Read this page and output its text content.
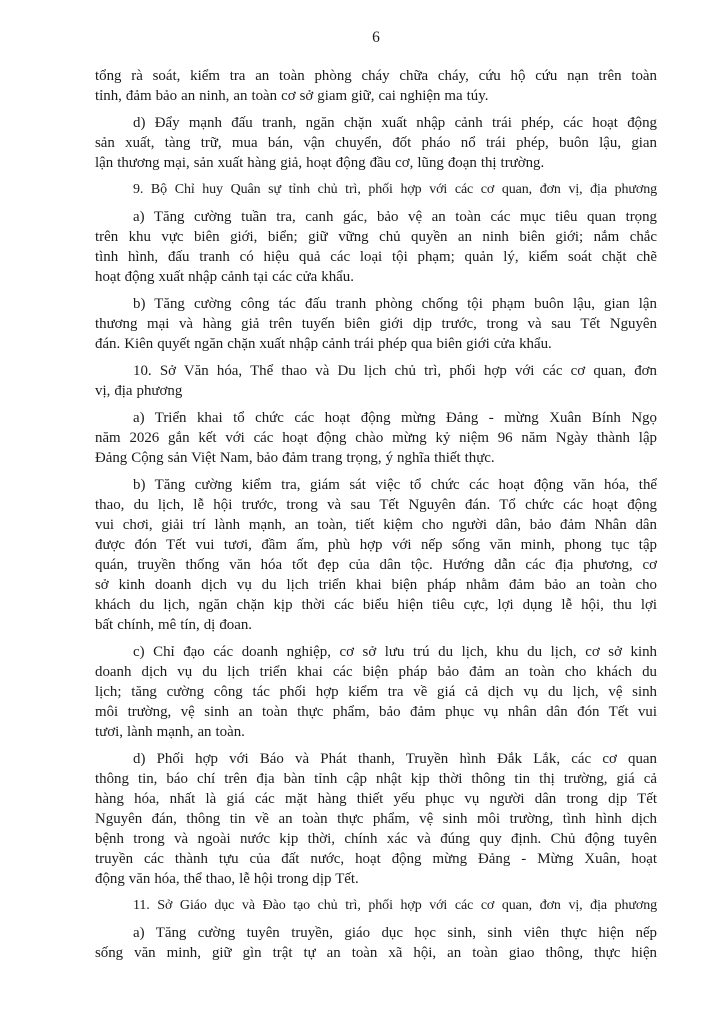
6
tổng rà soát, kiểm tra an toàn phòng cháy chữa cháy, cứu hộ cứu nạn trên toàn
tỉnh, đảm bảo an ninh, an toàn cơ sở giam giữ, cai nghiện ma túy.
d) Đẩy mạnh đấu tranh, ngăn chặn xuất nhập cảnh trái phép, các hoạt động
sản xuất, tàng trữ, mua bán, vận chuyển, đốt pháo nổ trái phép, buôn lậu, gian
lận thương mại, sản xuất hàng giả, hoạt động đầu cơ, lũng đoạn thị trường.
9. Bộ Chỉ huy Quân sự tỉnh chủ trì, phối hợp với các cơ quan, đơn vị, địa phương
a) Tăng cường tuần tra, canh gác, bảo vệ an toàn các mục tiêu quan trọng
trên khu vực biên giới, biển; giữ vững chủ quyền an ninh biên giới; nắm chắc
tình hình, đấu tranh có hiệu quả các loại tội phạm; quản lý, kiểm soát chặt chẽ
hoạt động xuất nhập cảnh tại các cửa khẩu.
b) Tăng cường công tác đấu tranh phòng chống tội phạm buôn lậu, gian lận
thương mại và hàng giả trên tuyến biên giới dịp trước, trong và sau Tết Nguyên
đán. Kiên quyết ngăn chặn xuất nhập cảnh trái phép qua biên giới cửa khẩu.
10. Sở Văn hóa, Thể thao và Du lịch chủ trì, phối hợp với các cơ quan, đơn
vị, địa phương
a) Triển khai tổ chức các hoạt động mừng Đảng - mừng Xuân Bính Ngọ
năm 2026 gắn kết với các hoạt động chào mừng kỷ niệm 96 năm Ngày thành lập
Đảng Cộng sản Việt Nam, bảo đảm trang trọng, ý nghĩa thiết thực.
b) Tăng cường kiểm tra, giám sát việc tổ chức các hoạt động văn hóa, thể
thao, du lịch, lễ hội trước, trong và sau Tết Nguyên đán. Tổ chức các hoạt động
vui chơi, giải trí lành mạnh, an toàn, tiết kiệm cho người dân, bảo đảm Nhân dân
được đón Tết vui tươi, đầm ấm, phù hợp với nếp sống văn minh, phong tục tập
quán, truyền thống văn hóa tốt đẹp của dân tộc. Hướng dẫn các địa phương, cơ
sở kinh doanh dịch vụ du lịch triển khai biện pháp nhằm đảm bảo an toàn cho
khách du lịch, ngăn chặn kịp thời các biểu hiện tiêu cực, lợi dụng lễ hội, thu lợi
bất chính, mê tín, dị đoan.
c) Chỉ đạo các doanh nghiệp, cơ sở lưu trú du lịch, khu du lịch, cơ sở kinh
doanh dịch vụ du lịch triển khai các biện pháp bảo đảm an toàn cho khách du
lịch; tăng cường công tác phối hợp kiểm tra về giá cả dịch vụ du lịch, vệ sinh
môi trường, vệ sinh an toàn thực phẩm, bảo đảm phục vụ nhân dân đón Tết vui
tươi, lành mạnh, an toàn.
d) Phối hợp với Báo và Phát thanh, Truyền hình Đắk Lắk, các cơ quan
thông tin, báo chí trên địa bàn tỉnh cập nhật kịp thời thông tin thị trường, giá cả
hàng hóa, nhất là giá các mặt hàng thiết yếu phục vụ người dân trong dịp Tết
Nguyên đán, thông tin về an toàn thực phẩm, vệ sinh môi trường, tình hình dịch
bệnh trong và ngoài nước kịp thời, chính xác và đúng quy định. Chủ động tuyên
truyền các thành tựu của đất nước, hoạt động mừng Đảng - Mừng Xuân, hoạt
động văn hóa, thể thao, lễ hội trong dịp Tết.
11. Sở Giáo dục và Đào tạo chủ trì, phối hợp với các cơ quan, đơn vị, địa phương
a) Tăng cường tuyên truyền, giáo dục học sinh, sinh viên thực hiện nếp
sống văn minh, giữ gìn trật tự an toàn xã hội, an toàn giao thông, thực hiện
